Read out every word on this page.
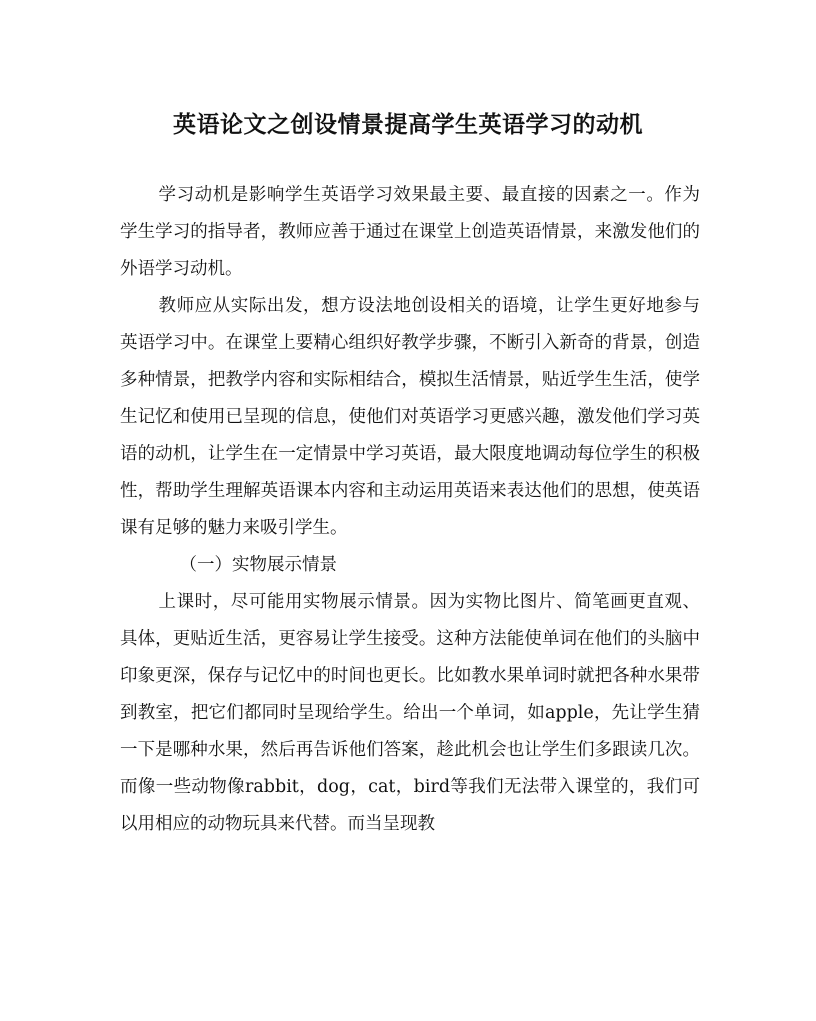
英语论文之创设情景提高学生英语学习的动机

学习动机是影响学生英语学习效果最主要、最直接的因素之一。作为学生学习的指导者，教师应善于通过在课堂上创造英语情景，来激发他们的外语学习动机。

教师应从实际出发，想方设法地创设相关的语境，让学生更好地参与英语学习中。在课堂上要精心组织好教学步骤，不断引入新奇的背景，创造多种情景，把教学内容和实际相结合，模拟生活情景，贴近学生生活，使学生记忆和使用已呈现的信息，使他们对英语学习更感兴趣，激发他们学习英语的动机，让学生在一定情景中学习英语，最大限度地调动每位学生的积极性，帮助学生理解英语课本内容和主动运用英语来表达他们的思想，使英语课有足够的魅力来吸引学生。

（一）实物展示情景

上课时，尽可能用实物展示情景。因为实物比图片、简笔画更直观、具体，更贴近生活，更容易让学生接受。这种方法能使单词在他们的头脑中印象更深，保存与记忆中的时间也更长。比如教水果单词时就把各种水果带到教室，把它们都同时呈现给学生。给出一个单词，如apple，先让学生猜一下是哪种水果，然后再告诉他们答案，趁此机会也让学生们多跟读几次。而像一些动物像rabbit，dog，cat，bird等我们无法带入课堂的，我们可以用相应的动物玩具来代替。而当呈现教
